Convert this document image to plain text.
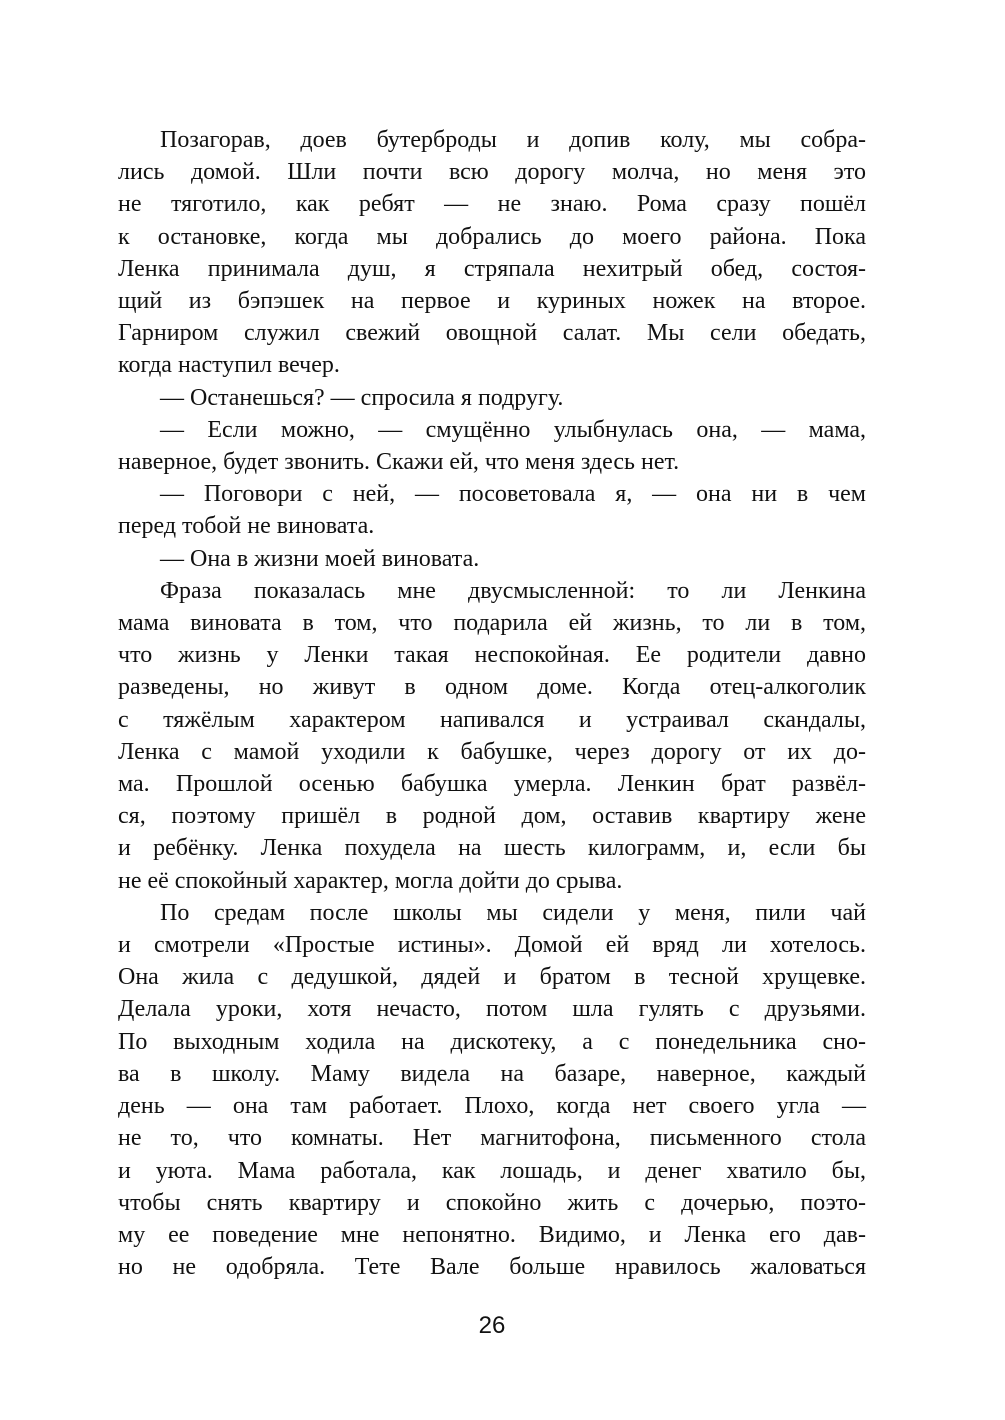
Позагорав, доев бутерброды и допив колу, мы собра-
лись домой. Шли почти всю дорогу молча, но меня это
не тяготило, как ребят — не знаю. Рома сразу пошёл
к остановке, когда мы добрались до моего района. Пока
Ленка принимала душ, я стряпала нехитрый обед, состоя-
щий из бэпэшек на первое и куриных ножек на второе.
Гарниром служил свежий овощной салат. Мы сели обедать,
когда наступил вечер.
— Останешься? — спросила я подругу.
— Если можно, — смущённо улыбнулась она, — мама,
наверное, будет звонить. Скажи ей, что меня здесь нет.
— Поговори с ней, — посоветовала я, — она ни в чем
перед тобой не виновата.
— Она в жизни моей виновата.
Фраза показалась мне двусмысленной: то ли Ленкина
мама виновата в том, что подарила ей жизнь, то ли в том,
что жизнь у Ленки такая неспокойная. Ее родители давно
разведены, но живут в одном доме. Когда отец-алкоголик
с тяжёлым характером напивался и устраивал скандалы,
Ленка с мамой уходили к бабушке, через дорогу от их до-
ма. Прошлой осенью бабушка умерла. Ленкин брат развёл-
ся, поэтому пришёл в родной дом, оставив квартиру жене
и ребёнку. Ленка похудела на шесть килограмм, и, если бы
не её спокойный характер, могла дойти до срыва.
По средам после школы мы сидели у меня, пили чай
и смотрели «Простые истины». Домой ей вряд ли хотелось.
Она жила с дедушкой, дядей и братом в тесной хрущевке.
Делала уроки, хотя нечасто, потом шла гулять с друзьями.
По выходным ходила на дискотеку, а с понедельника сно-
ва в школу. Маму видела на базаре, наверное, каждый
день — она там работает. Плохо, когда нет своего угла —
не то, что комнаты. Нет магнитофона, письменного стола
и уюта. Мама работала, как лошадь, и денег хватило бы,
чтобы снять квартиру и спокойно жить с дочерью, поэто-
му ее поведение мне непонятно. Видимо, и Ленка его дав-
но не одобряла. Тете Вале больше нравилось жаловаться
26
